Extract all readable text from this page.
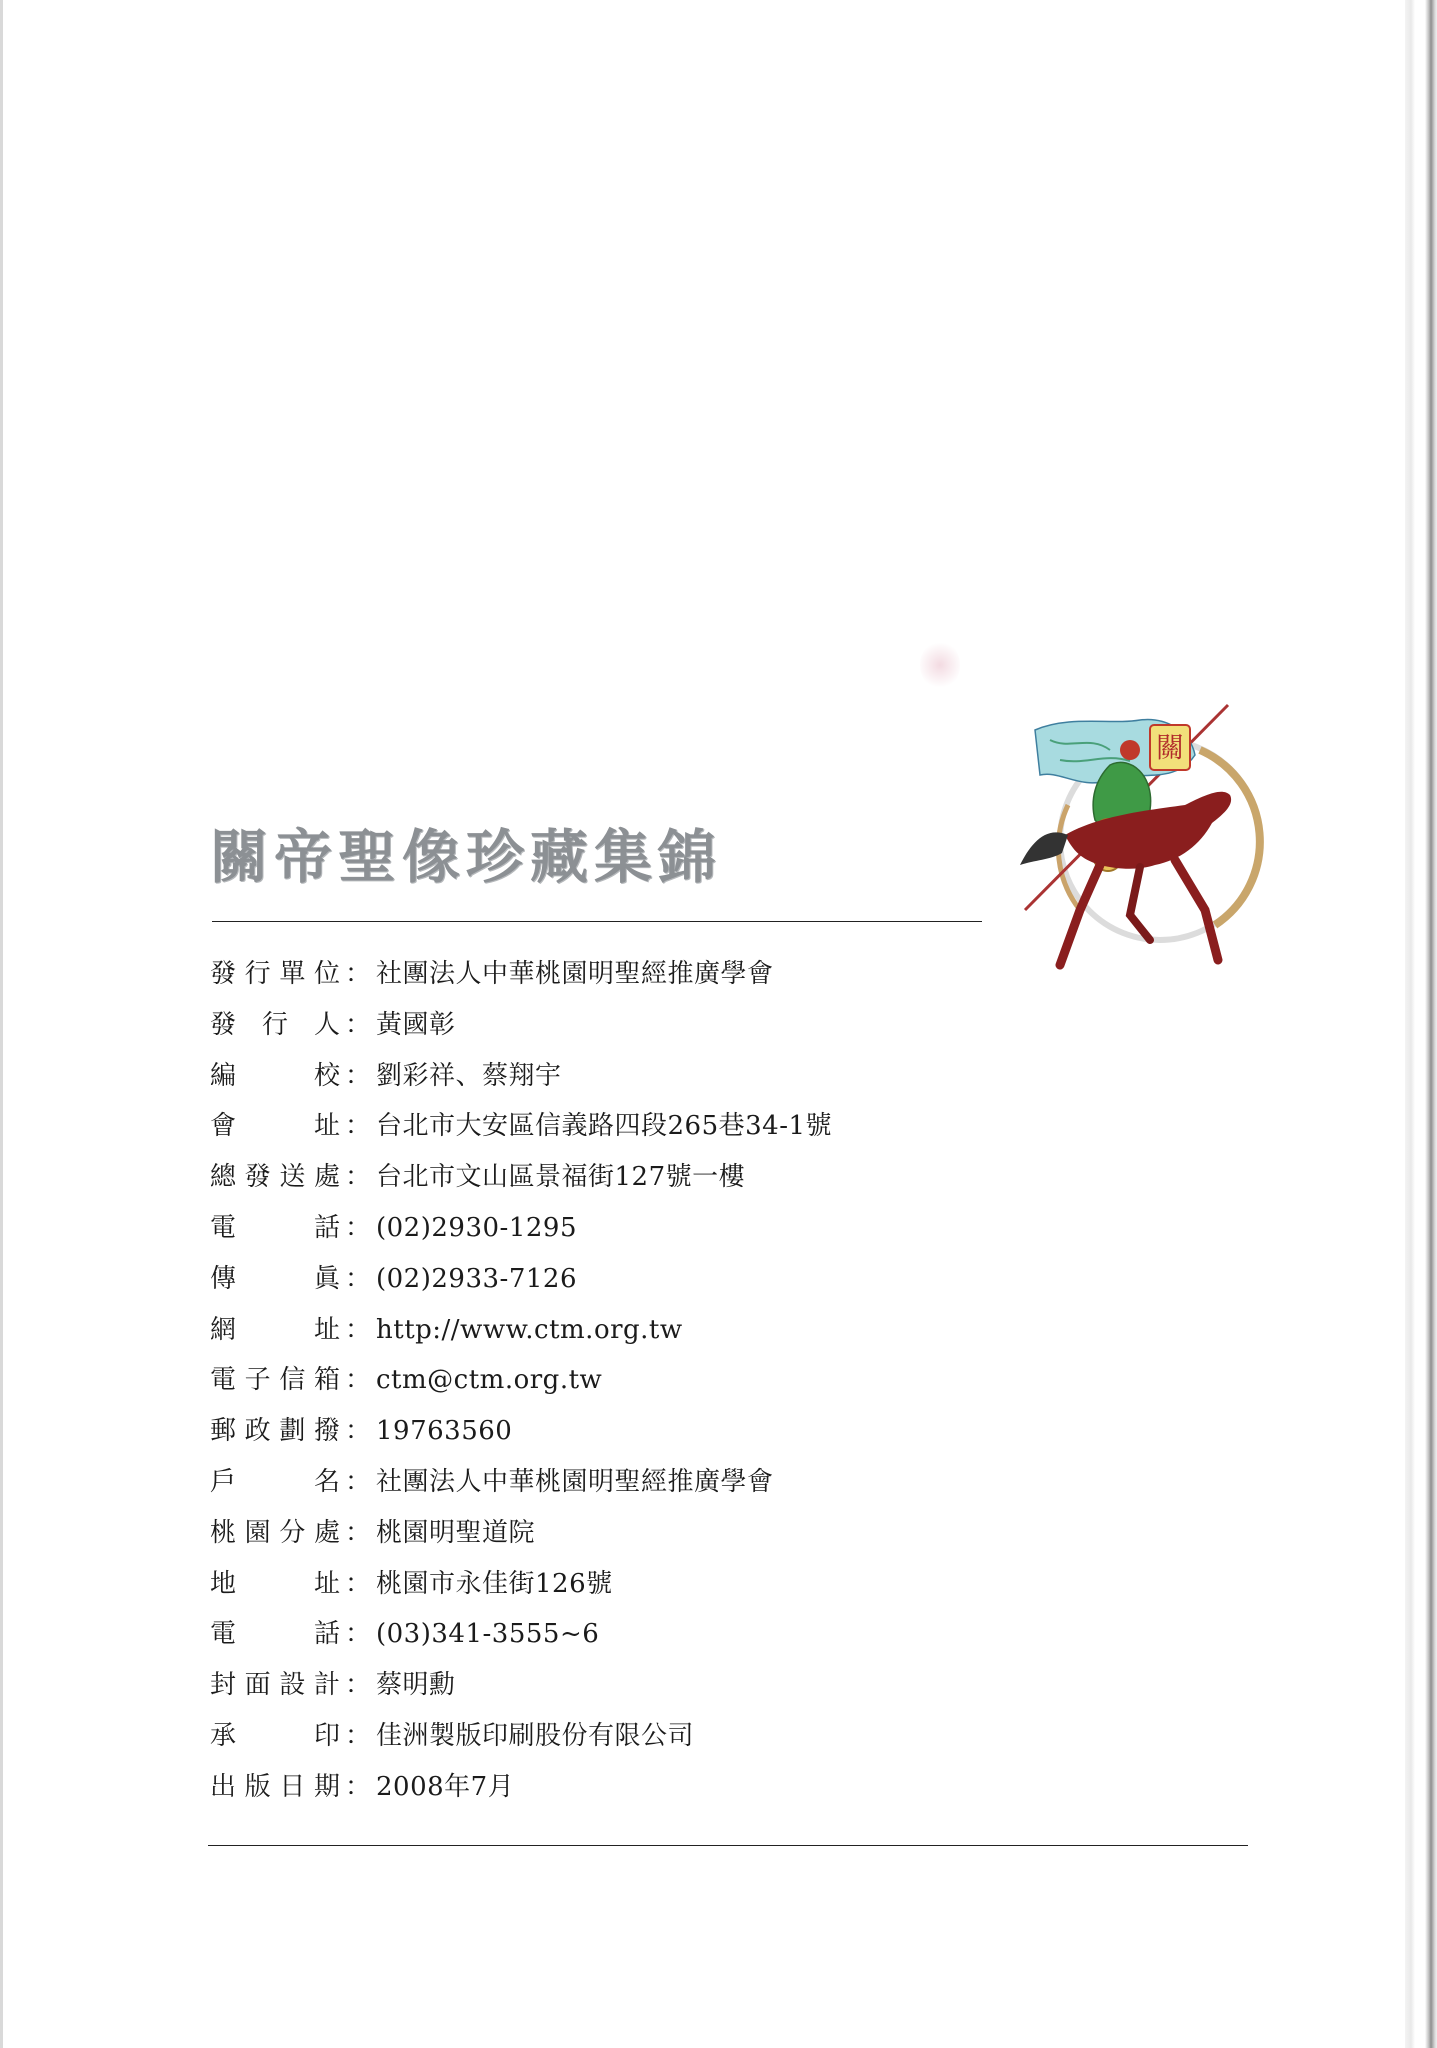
關帝聖像珍藏集錦
關
發行單位 ： 社團法人中華桃園明聖經推廣學會
發行人 ： 黃國彰
編校 ： 劉彩祥、蔡翔宇
會址 ： 台北市大安區信義路四段265巷34-1號
總發送處 ： 台北市文山區景福街127號一樓
電話 ： (02)2930-1295
傳眞 ： (02)2933-7126
網址 ： http://www.ctm.org.tw
電子信箱 ： ctm@ctm.org.tw
郵政劃撥 ： 19763560
戶名 ： 社團法人中華桃園明聖經推廣學會
桃園分處 ： 桃園明聖道院
地址 ： 桃園市永佳街126號
電話 ： (03)341-3555~6
封面設計 ： 蔡明勳
承印 ： 佳洲製版印刷股份有限公司
出版日期 ： 2008年7月
